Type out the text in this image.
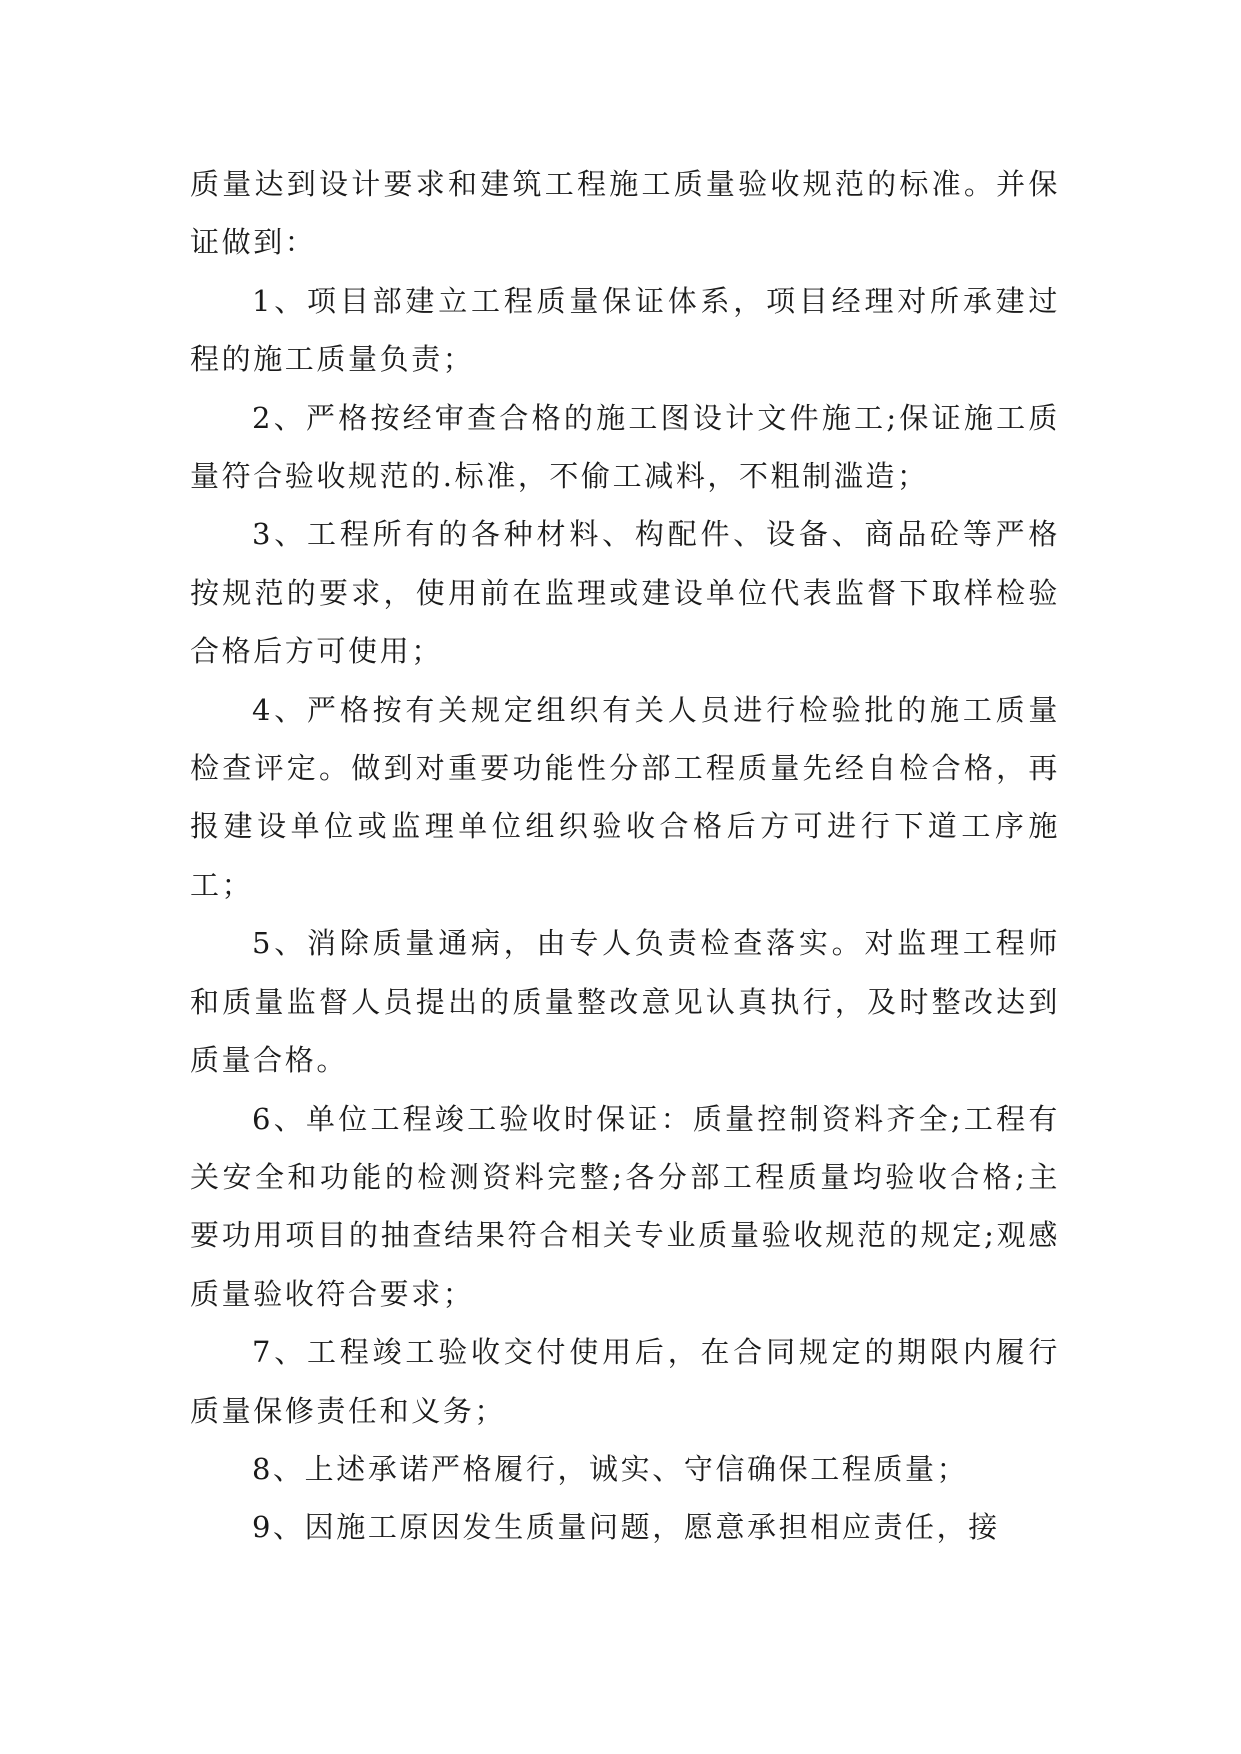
质量达到设计要求和建筑工程施工质量验收规范的标准。并保证做到：

1、项目部建立工程质量保证体系，项目经理对所承建过程的施工质量负责；

2、严格按经审查合格的施工图设计文件施工;保证施工质量符合验收规范的.标准，不偷工减料，不粗制滥造；

3、工程所有的各种材料、构配件、设备、商品砼等严格按规范的要求，使用前在监理或建设单位代表监督下取样检验合格后方可使用；

4、严格按有关规定组织有关人员进行检验批的施工质量检查评定。做到对重要功能性分部工程质量先经自检合格，再报建设单位或监理单位组织验收合格后方可进行下道工序施工；

5、消除质量通病，由专人负责检查落实。对监理工程师和质量监督人员提出的质量整改意见认真执行，及时整改达到质量合格。

6、单位工程竣工验收时保证：质量控制资料齐全;工程有关安全和功能的检测资料完整;各分部工程质量均验收合格;主要功用项目的抽查结果符合相关专业质量验收规范的规定;观感质量验收符合要求；

7、工程竣工验收交付使用后，在合同规定的期限内履行质量保修责任和义务；

8、上述承诺严格履行，诚实、守信确保工程质量；

9、因施工原因发生质量问题，愿意承担相应责任，接
